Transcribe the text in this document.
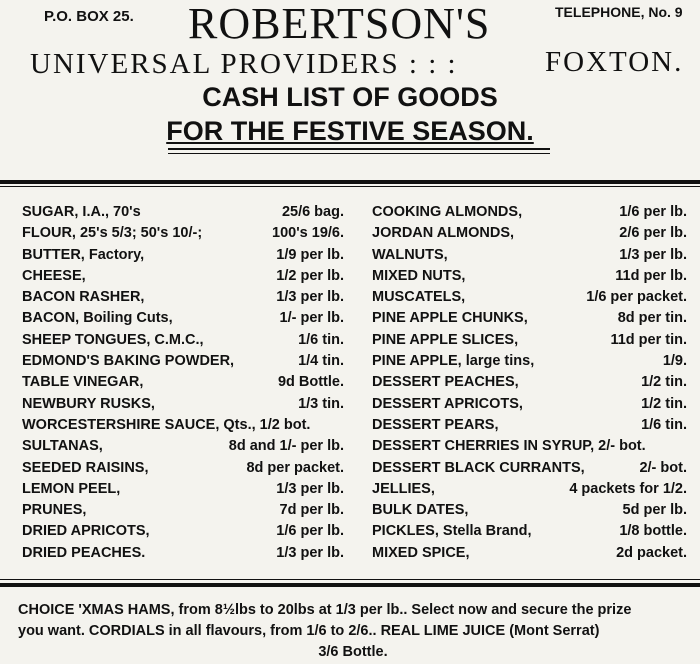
P.O. BOX 25. ROBERTSON'S	TELEPHONE, No. 9
UNIVERSAL PROVIDERS : : :	FOXTON.
CASH LIST OF GOODS
FOR THE FESTIVE SEASON.
SUGAR, I.A., 70's	25/6 bag.
FLOUR, 25's 5/3; 50's 10/-;	100's 19/6.
BUTTER, Factory,	1/9 per lb.
CHEESE,	1/2 per lb.
BACON RASHER,	1/3 per lb.
BACON, Boiling Cuts,	1/- per lb.
SHEEP TONGUES, C.M.C.,	1/6 tin.
EDMOND'S BAKING POWDER,	1/4 tin.
TABLE VINEGAR,	9d Bottle.
NEWBURY RUSKS,	1/3 tin.
WORCESTERSHIRE SAUCE, Qts., 1/2 bot.
SULTANAS,	8d and 1/- per lb.
SEEDED RAISINS,	8d per packet.
LEMON PEEL,	1/3 per lb.
PRUNES,	7d per lb.
DRIED APRICOTS,	1/6 per lb.
DRIED PEACHES.	1/3 per lb.
COOKING ALMONDS,	1/6 per lb.
JORDAN ALMONDS,	2/6 per lb.
WALNUTS,	1/3 per lb.
MIXED NUTS,	11d per lb.
MUSCATELS,	1/6 per packet.
PINE APPLE CHUNKS,	8d per tin.
PINE APPLE SLICES,	11d per tin.
PINE APPLE, large tins,	1/9.
DESSERT PEACHES,	1/2 tin.
DESSERT APRICOTS,	1/2 tin.
DESSERT PEARS,	1/6 tin.
DESSERT CHERRIES IN SYRUP, 2/- bot.
DESSERT BLACK CURRANTS,	2/- bot.
JELLIES,	4 packets for 1/2.
BULK DATES,	5d per lb.
PICKLES, Stella Brand,	1/8 bottle.
MIXED SPICE,	2d packet.
CHOICE 'XMAS HAMS, from 8½lbs to 20lbs at 1/3 per lb.. Select now and secure the prize
you want. CORDIALS in all flavours, from 1/6 to 2/6.. REAL LIME JUICE (Mont Serrat)
3/6 Bottle.
